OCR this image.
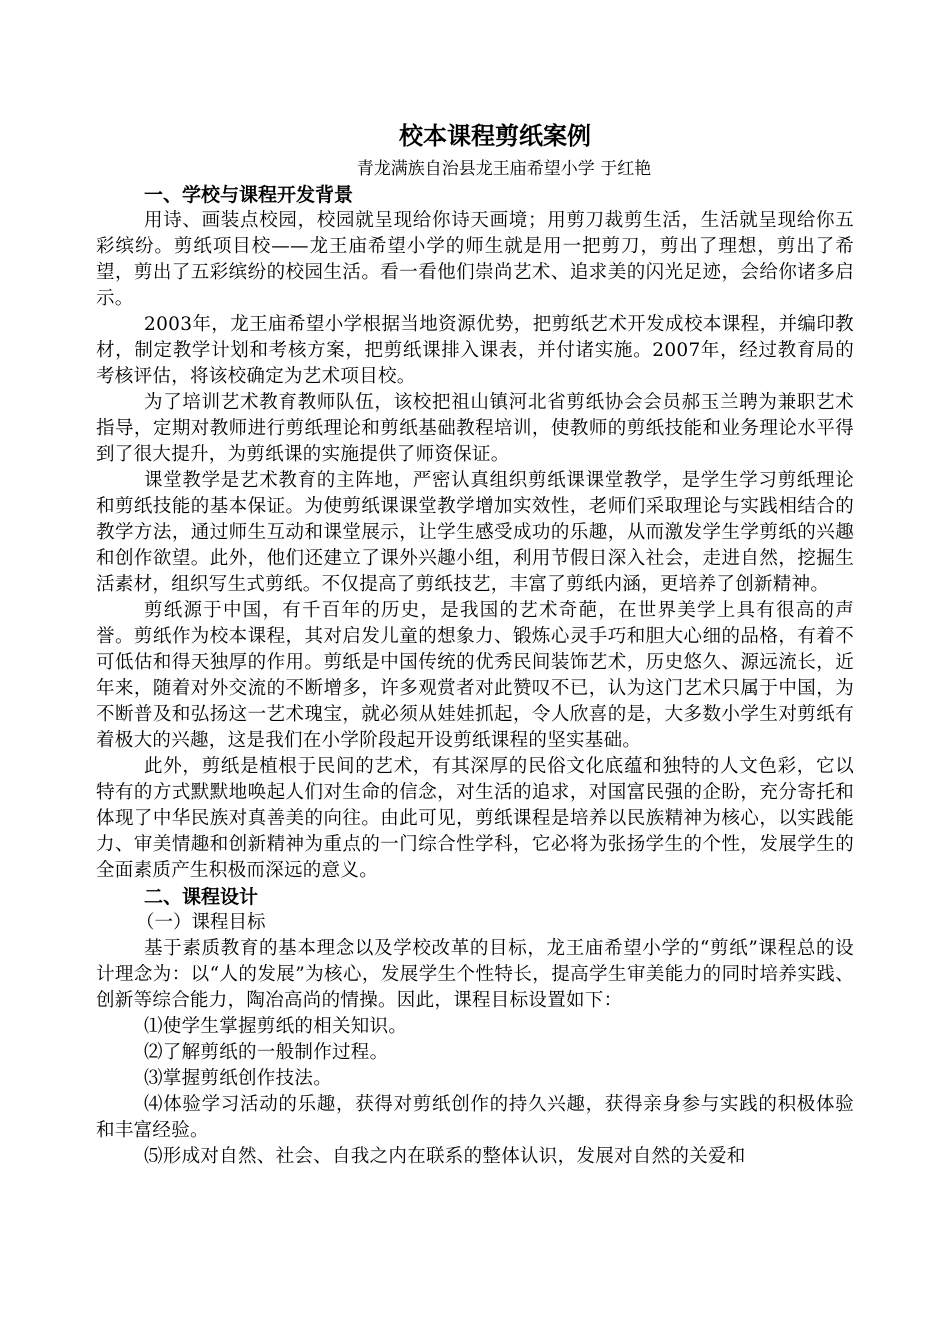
校本课程剪纸案例

青龙满族自治县龙王庙希望小学 于红艳

一、学校与课程开发背景

用诗、画装点校园，校园就呈现给你诗天画境；用剪刀裁剪生活，生活就呈现给你五彩缤纷。剪纸项目校——龙王庙希望小学的师生就是用一把剪刀，剪出了理想，剪出了希望，剪出了五彩缤纷的校园生活。看一看他们崇尚艺术、追求美的闪光足迹，会给你诸多启示。

2003年，龙王庙希望小学根据当地资源优势，把剪纸艺术开发成校本课程，并编印教材，制定教学计划和考核方案，把剪纸课排入课表，并付诸实施。2007年，经过教育局的考核评估，将该校确定为艺术项目校。

为了培训艺术教育教师队伍，该校把祖山镇河北省剪纸协会会员郝玉兰聘为兼职艺术指导，定期对教师进行剪纸理论和剪纸基础教程培训，使教师的剪纸技能和业务理论水平得到了很大提升，为剪纸课的实施提供了师资保证。

课堂教学是艺术教育的主阵地，严密认真组织剪纸课课堂教学，是学生学习剪纸理论和剪纸技能的基本保证。为使剪纸课课堂教学增加实效性，老师们采取理论与实践相结合的教学方法，通过师生互动和课堂展示，让学生感受成功的乐趣，从而激发学生学剪纸的兴趣和创作欲望。此外，他们还建立了课外兴趣小组，利用节假日深入社会，走进自然，挖掘生活素材，组织写生式剪纸。不仅提高了剪纸技艺，丰富了剪纸内涵，更培养了创新精神。

剪纸源于中国，有千百年的历史，是我国的艺术奇葩，在世界美学上具有很高的声誉。剪纸作为校本课程，其对启发儿童的想象力、锻炼心灵手巧和胆大心细的品格，有着不可低估和得天独厚的作用。剪纸是中国传统的优秀民间装饰艺术，历史悠久、源远流长，近年来，随着对外交流的不断增多，许多观赏者对此赞叹不已，认为这门艺术只属于中国，为不断普及和弘扬这一艺术瑰宝，就必须从娃娃抓起，令人欣喜的是，大多数小学生对剪纸有着极大的兴趣，这是我们在小学阶段起开设剪纸课程的坚实基础。

此外，剪纸是植根于民间的艺术，有其深厚的民俗文化底蕴和独特的人文色彩，它以特有的方式默默地唤起人们对生命的信念，对生活的追求，对国富民强的企盼，充分寄托和体现了中华民族对真善美的向往。由此可见，剪纸课程是培养以民族精神为核心，以实践能力、审美情趣和创新精神为重点的一门综合性学科，它必将为张扬学生的个性，发展学生的全面素质产生积极而深远的意义。

二、课程设计

（一）课程目标

基于素质教育的基本理念以及学校改革的目标，龙王庙希望小学的“剪纸”课程总的设计理念为：以“人的发展”为核心，发展学生个性特长，提高学生审美能力的同时培养实践、创新等综合能力，陶冶高尚的情操。因此，课程目标设置如下：

⑴使学生掌握剪纸的相关知识。

⑵了解剪纸的一般制作过程。

⑶掌握剪纸创作技法。

⑷体验学习活动的乐趣，获得对剪纸创作的持久兴趣，获得亲身参与实践的积极体验和丰富经验。

⑸形成对自然、社会、自我之内在联系的整体认识，发展对自然的关爱和
